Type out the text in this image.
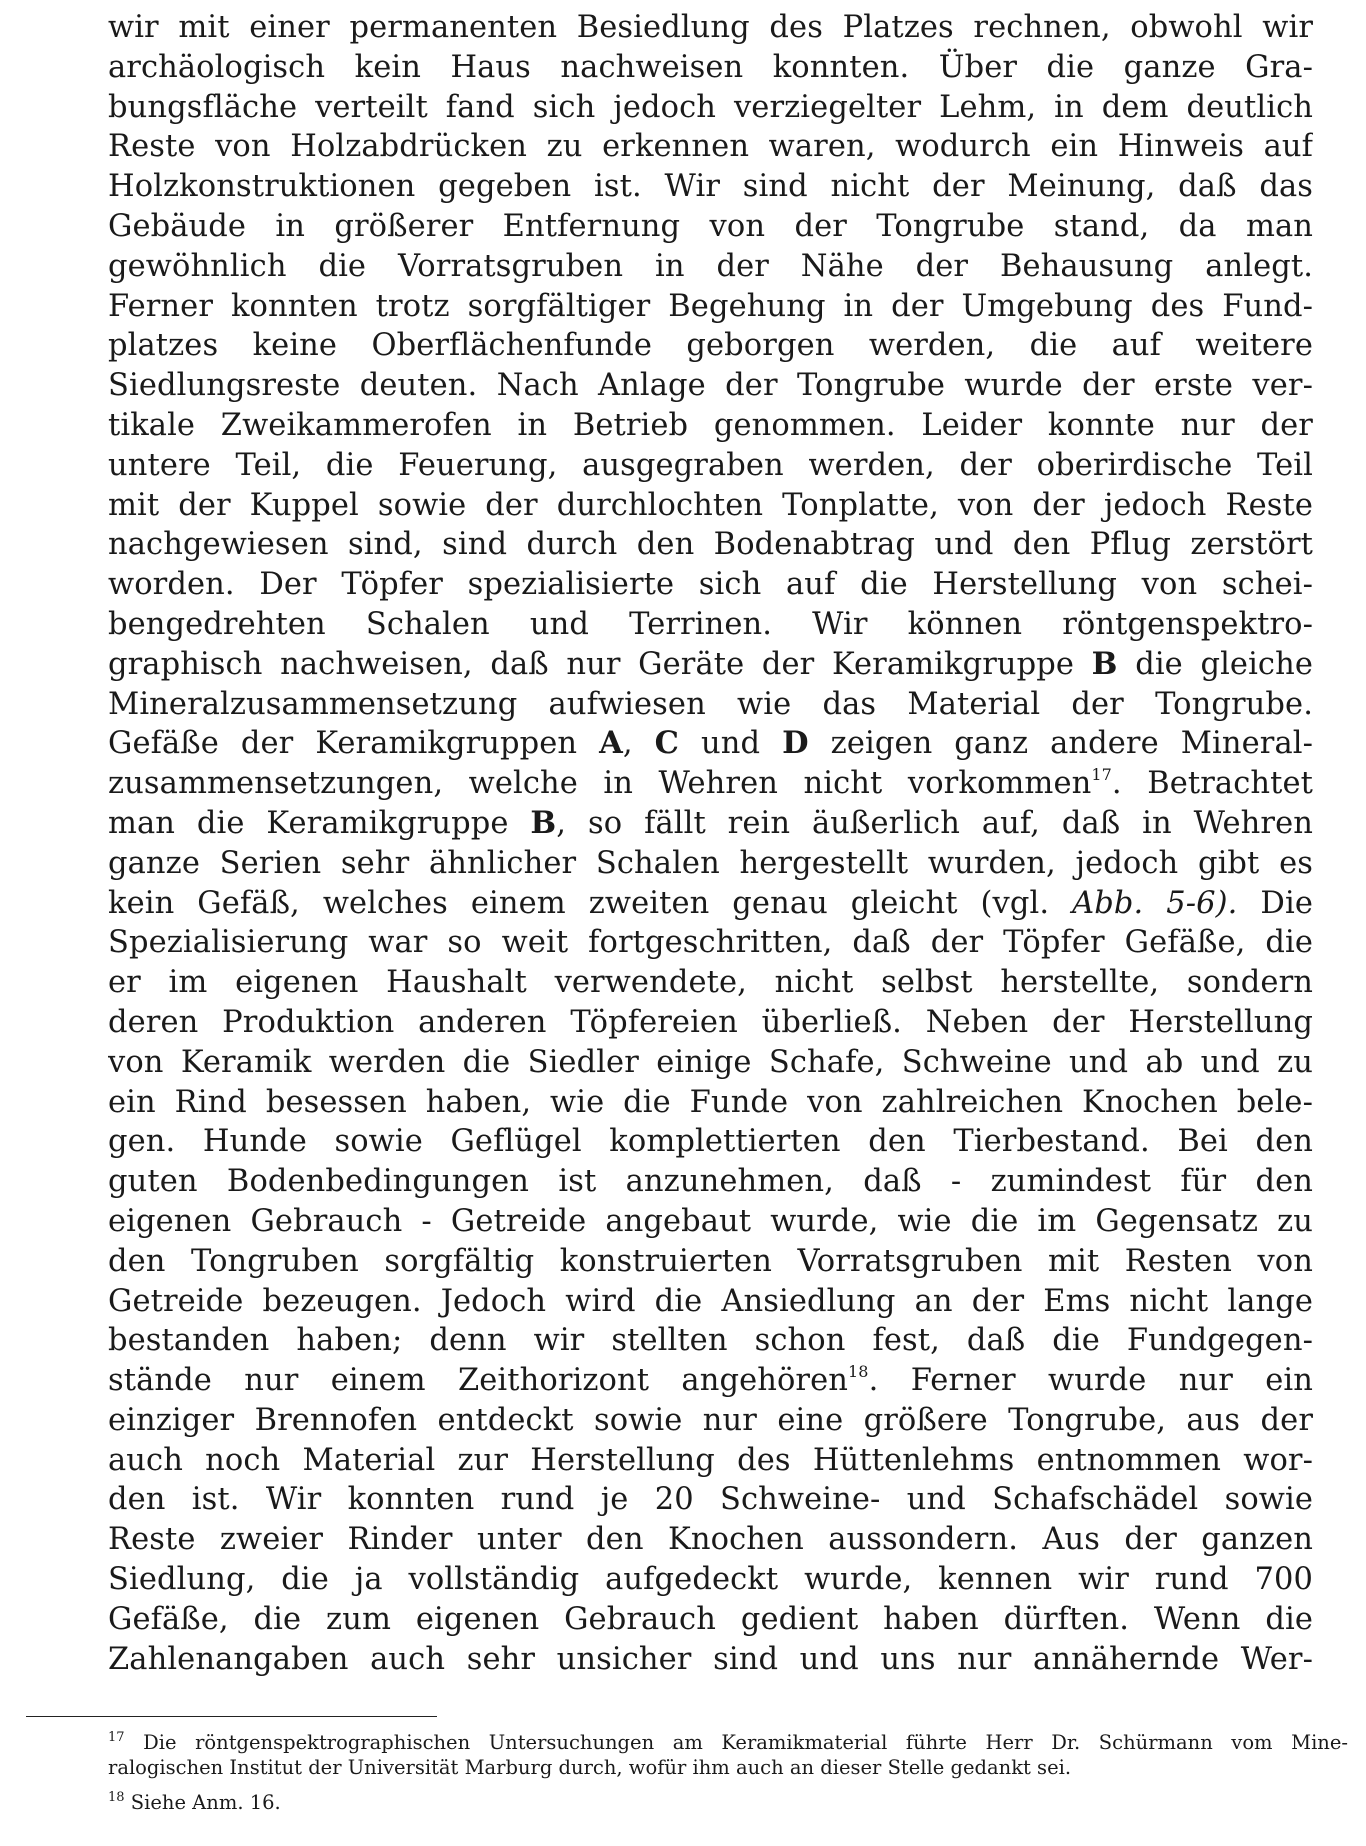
wir mit einer permanenten Besiedlung des Platzes rechnen, obwohl wir
archäologisch kein Haus nachweisen konnten. Über die ganze Gra-
bungsfläche verteilt fand sich jedoch verziegelter Lehm, in dem deutlich
Reste von Holzabdrücken zu erkennen waren, wodurch ein Hinweis auf
Holzkonstruktionen gegeben ist. Wir sind nicht der Meinung, daß das
Gebäude in größerer Entfernung von der Tongrube stand, da man
gewöhnlich die Vorratsgruben in der Nähe der Behausung anlegt.
Ferner konnten trotz sorgfältiger Begehung in der Umgebung des Fund-
platzes keine Oberflächenfunde geborgen werden, die auf weitere
Siedlungsreste deuten. Nach Anlage der Tongrube wurde der erste ver-
tikale Zweikammerofen in Betrieb genommen. Leider konnte nur der
untere Teil, die Feuerung, ausgegraben werden, der oberirdische Teil
mit der Kuppel sowie der durchlochten Tonplatte, von der jedoch Reste
nachgewiesen sind, sind durch den Bodenabtrag und den Pflug zerstört
worden. Der Töpfer spezialisierte sich auf die Herstellung von schei-
bengedrehten Schalen und Terrinen. Wir können röntgenspektro-
graphisch nachweisen, daß nur Geräte der Keramikgruppe B die gleiche
Mineralzusammensetzung aufwiesen wie das Material der Tongrube.
Gefäße der Keramikgruppen A, C und D zeigen ganz andere Mineral-
zusammensetzungen, welche in Wehren nicht vorkommen$^{17}$. Betrachtet
man die Keramikgruppe B, so fällt rein äußerlich auf, daß in Wehren
ganze Serien sehr ähnlicher Schalen hergestellt wurden, jedoch gibt es
kein Gefäß, welches einem zweiten genau gleicht (vgl. Abb. 5-6). Die
Spezialisierung war so weit fortgeschritten, daß der Töpfer Gefäße, die
er im eigenen Haushalt verwendete, nicht selbst herstellte, sondern
deren Produktion anderen Töpfereien überließ. Neben der Herstellung
von Keramik werden die Siedler einige Schafe, Schweine und ab und zu
ein Rind besessen haben, wie die Funde von zahlreichen Knochen bele-
gen. Hunde sowie Geflügel komplettierten den Tierbestand. Bei den
guten Bodenbedingungen ist anzunehmen, daß - zumindest für den
eigenen Gebrauch - Getreide angebaut wurde, wie die im Gegensatz zu
den Tongruben sorgfältig konstruierten Vorratsgruben mit Resten von
Getreide bezeugen. Jedoch wird die Ansiedlung an der Ems nicht lange
bestanden haben; denn wir stellten schon fest, daß die Fundgegen-
stände nur einem Zeithorizont angehören$^{18}$. Ferner wurde nur ein
einziger Brennofen entdeckt sowie nur eine größere Tongrube, aus der
auch noch Material zur Herstellung des Hüttenlehms entnommen wor-
den ist. Wir konnten rund je 20 Schweine- und Schafschädel sowie
Reste zweier Rinder unter den Knochen aussondern. Aus der ganzen
Siedlung, die ja vollständig aufgedeckt wurde, kennen wir rund 700
Gefäße, die zum eigenen Gebrauch gedient haben dürften. Wenn die
Zahlenangaben auch sehr unsicher sind und uns nur annähernde Wer-
$^{17}$ Die röntgenspektrographischen Untersuchungen am Keramikmaterial führte Herr Dr. Schürmann vom Mine-
ralogischen Institut der Universität Marburg durch, wofür ihm auch an dieser Stelle gedankt sei.
$^{18}$ Siehe Anm. 16.
